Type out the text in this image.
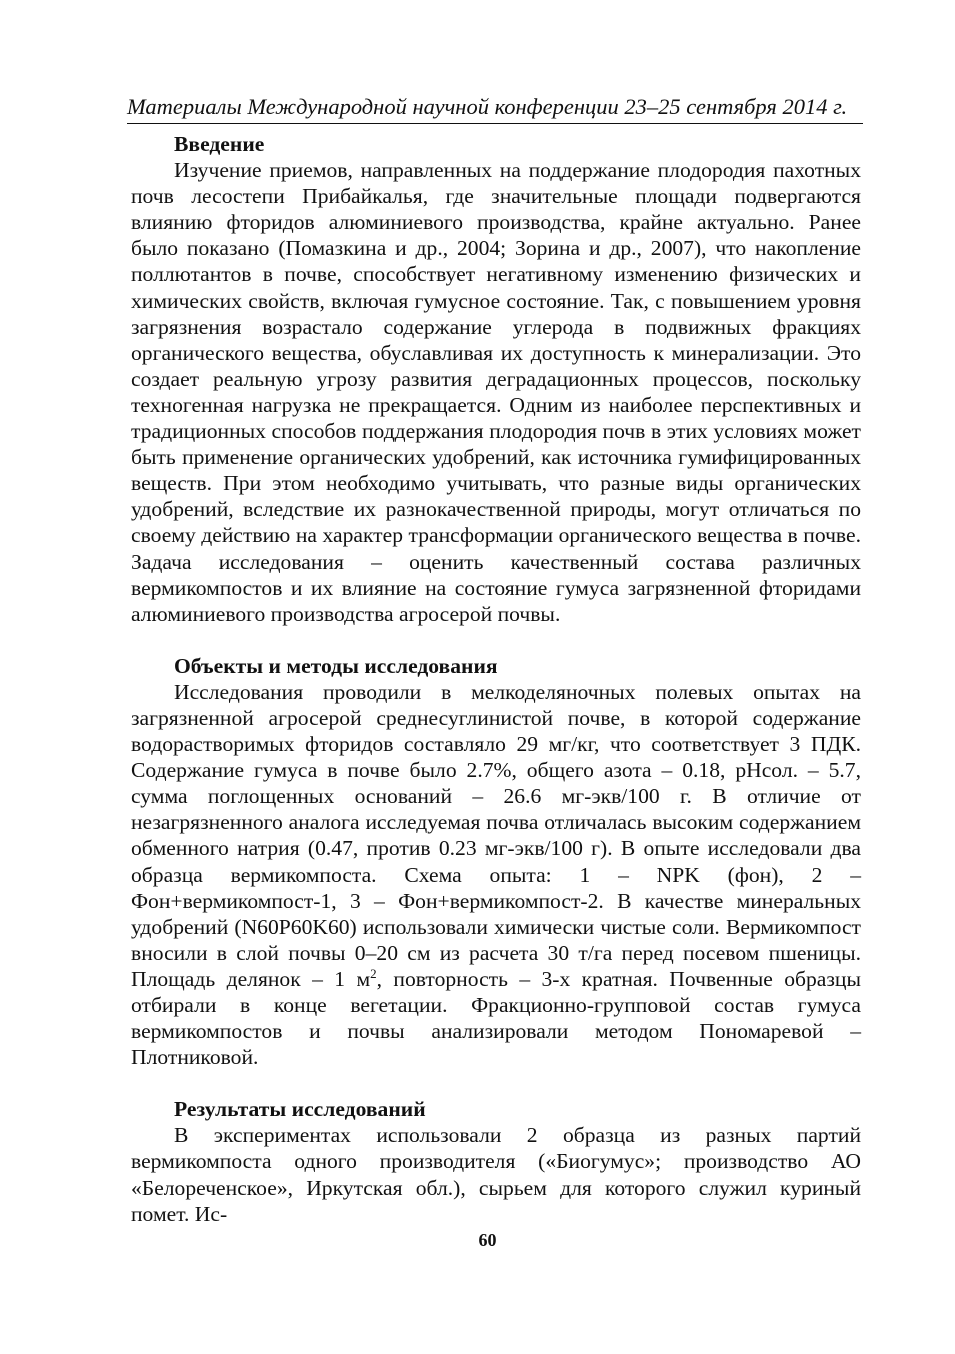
Материалы Международной научной конференции 23–25 сентября 2014 г.
Введение

Изучение приемов, направленных на поддержание плодородия пахотных почв лесостепи Прибайкалья, где значительные площади подвергаются влиянию фторидов алюминиевого производства, крайне актуально. Ранее было показано (Помазкина и др., 2004; Зорина и др., 2007), что накопление поллютантов в почве, способствует негативному изменению физических и химических свойств, включая гумусное состояние. Так, с повышением уровня загрязнения возрастало содержание углерода в подвижных фракциях органического вещества, обуславливая их доступность к минерализации. Это создает реальную угрозу развития деградационных процессов, поскольку техногенная нагрузка не прекращается. Одним из наиболее перспективных и традиционных способов поддержания плодородия почв в этих условиях может быть применение органических удобрений, как источника гумифицированных веществ. При этом необходимо учитывать, что разные виды органических удобрений, вследствие их разнокачественной природы, могут отличаться по своему действию на характер трансформации органического вещества в почве. Задача исследования – оценить качественный состава различных вермикомпостов и их влияние на состояние гумуса загрязненной фторидами алюминиевого производства агросерой почвы.

Объекты и методы исследования

Исследования проводили в мелкоделяночных полевых опытах на загрязненной агросерой среднесуглинистой почве, в которой содержание водорастворимых фторидов составляло 29 мг/кг, что соответствует 3 ПДК. Содержание гумуса в почве было 2.7%, общего азота – 0.18, pHсол. – 5.7, сумма поглощенных оснований – 26.6 мг-экв/100 г. В отличие от незагрязненного аналога исследуемая почва отличалась высоким содержанием обменного натрия (0.47, против 0.23 мг-экв/100 г). В опыте исследовали два образца вермикомпоста. Схема опыта: 1 – NPK (фон), 2 – Фон+вермикомпост-1, 3 – Фон+вермикомпост-2. В качестве минеральных удобрений (N60P60K60) использовали химически чистые соли. Вермикомпост вносили в слой почвы 0–20 см из расчета 30 т/га перед посевом пшеницы. Площадь делянок – 1 $м^2$, повторность – 3-х кратная. Почвенные образцы отбирали в конце вегетации. Фракционно-групповой состав гумуса вермикомпостов и почвы анализировали методом Пономаревой – Плотниковой.

Результаты исследований

В экспериментах использовали 2 образца из разных партий вермикомпоста одного производителя («Биогумус»; производство АО «Белореченское», Иркутская обл.), сырьем для которого служил куриный помет. Ис-

60
